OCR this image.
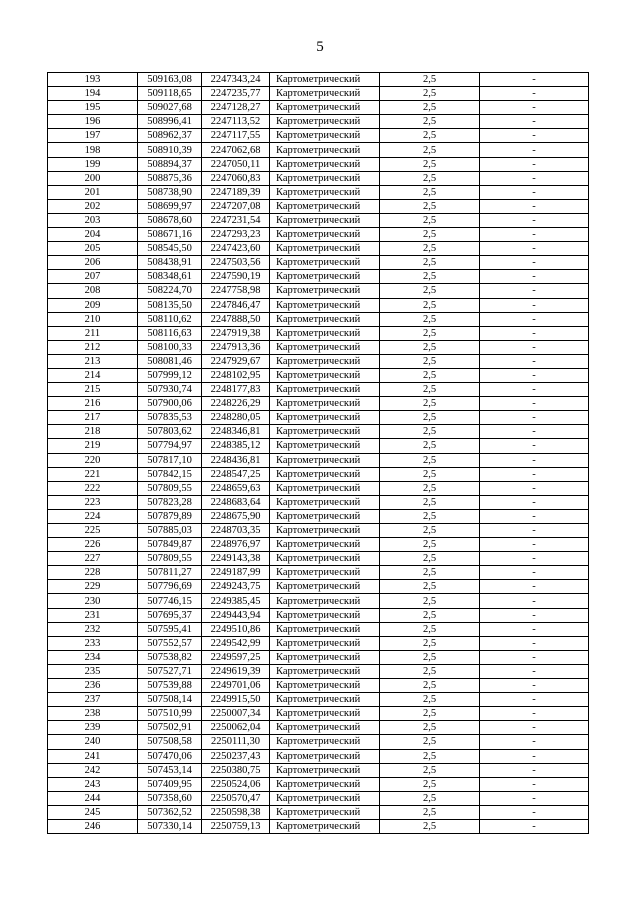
5
193	509163,08	2247343,24	Картометрический	2,5	-
194	509118,65	2247235,77	Картометрический	2,5	-
195	509027,68	2247128,27	Картометрический	2,5	-
196	508996,41	2247113,52	Картометрический	2,5	-
197	508962,37	2247117,55	Картометрический	2,5	-
198	508910,39	2247062,68	Картометрический	2,5	-
199	508894,37	2247050,11	Картометрический	2,5	-
200	508875,36	2247060,83	Картометрический	2,5	-
201	508738,90	2247189,39	Картометрический	2,5	-
202	508699,97	2247207,08	Картометрический	2,5	-
203	508678,60	2247231,54	Картометрический	2,5	-
204	508671,16	2247293,23	Картометрический	2,5	-
205	508545,50	2247423,60	Картометрический	2,5	-
206	508438,91	2247503,56	Картометрический	2,5	-
207	508348,61	2247590,19	Картометрический	2,5	-
208	508224,70	2247758,98	Картометрический	2,5	-
209	508135,50	2247846,47	Картометрический	2,5	-
210	508110,62	2247888,50	Картометрический	2,5	-
211	508116,63	2247919,38	Картометрический	2,5	-
212	508100,33	2247913,36	Картометрический	2,5	-
213	508081,46	2247929,67	Картометрический	2,5	-
214	507999,12	2248102,95	Картометрический	2,5	-
215	507930,74	2248177,83	Картометрический	2,5	-
216	507900,06	2248226,29	Картометрический	2,5	-
217	507835,53	2248280,05	Картометрический	2,5	-
218	507803,62	2248346,81	Картометрический	2,5	-
219	507794,97	2248385,12	Картометрический	2,5	-
220	507817,10	2248436,81	Картометрический	2,5	-
221	507842,15	2248547,25	Картометрический	2,5	-
222	507809,55	2248659,63	Картометрический	2,5	-
223	507823,28	2248683,64	Картометрический	2,5	-
224	507879,89	2248675,90	Картометрический	2,5	-
225	507885,03	2248703,35	Картометрический	2,5	-
226	507849,87	2248976,97	Картометрический	2,5	-
227	507809,55	2249143,38	Картометрический	2,5	-
228	507811,27	2249187,99	Картометрический	2,5	-
229	507796,69	2249243,75	Картометрический	2,5	-
230	507746,15	2249385,45	Картометрический	2,5	-
231	507695,37	2249443,94	Картометрический	2,5	-
232	507595,41	2249510,86	Картометрический	2,5	-
233	507552,57	2249542,99	Картометрический	2,5	-
234	507538,82	2249597,25	Картометрический	2,5	-
235	507527,71	2249619,39	Картометрический	2,5	-
236	507539,88	2249701,06	Картометрический	2,5	-
237	507508,14	2249915,50	Картометрический	2,5	-
238	507510,99	2250007,34	Картометрический	2,5	-
239	507502,91	2250062,04	Картометрический	2,5	-
240	507508,58	2250111,30	Картометрический	2,5	-
241	507470,06	2250237,43	Картометрический	2,5	-
242	507453,14	2250380,75	Картометрический	2,5	-
243	507409,95	2250524,06	Картометрический	2,5	-
244	507358,60	2250570,47	Картометрический	2,5	-
245	507362,52	2250598,38	Картометрический	2,5	-
246	507330,14	2250759,13	Картометрический	2,5	-
